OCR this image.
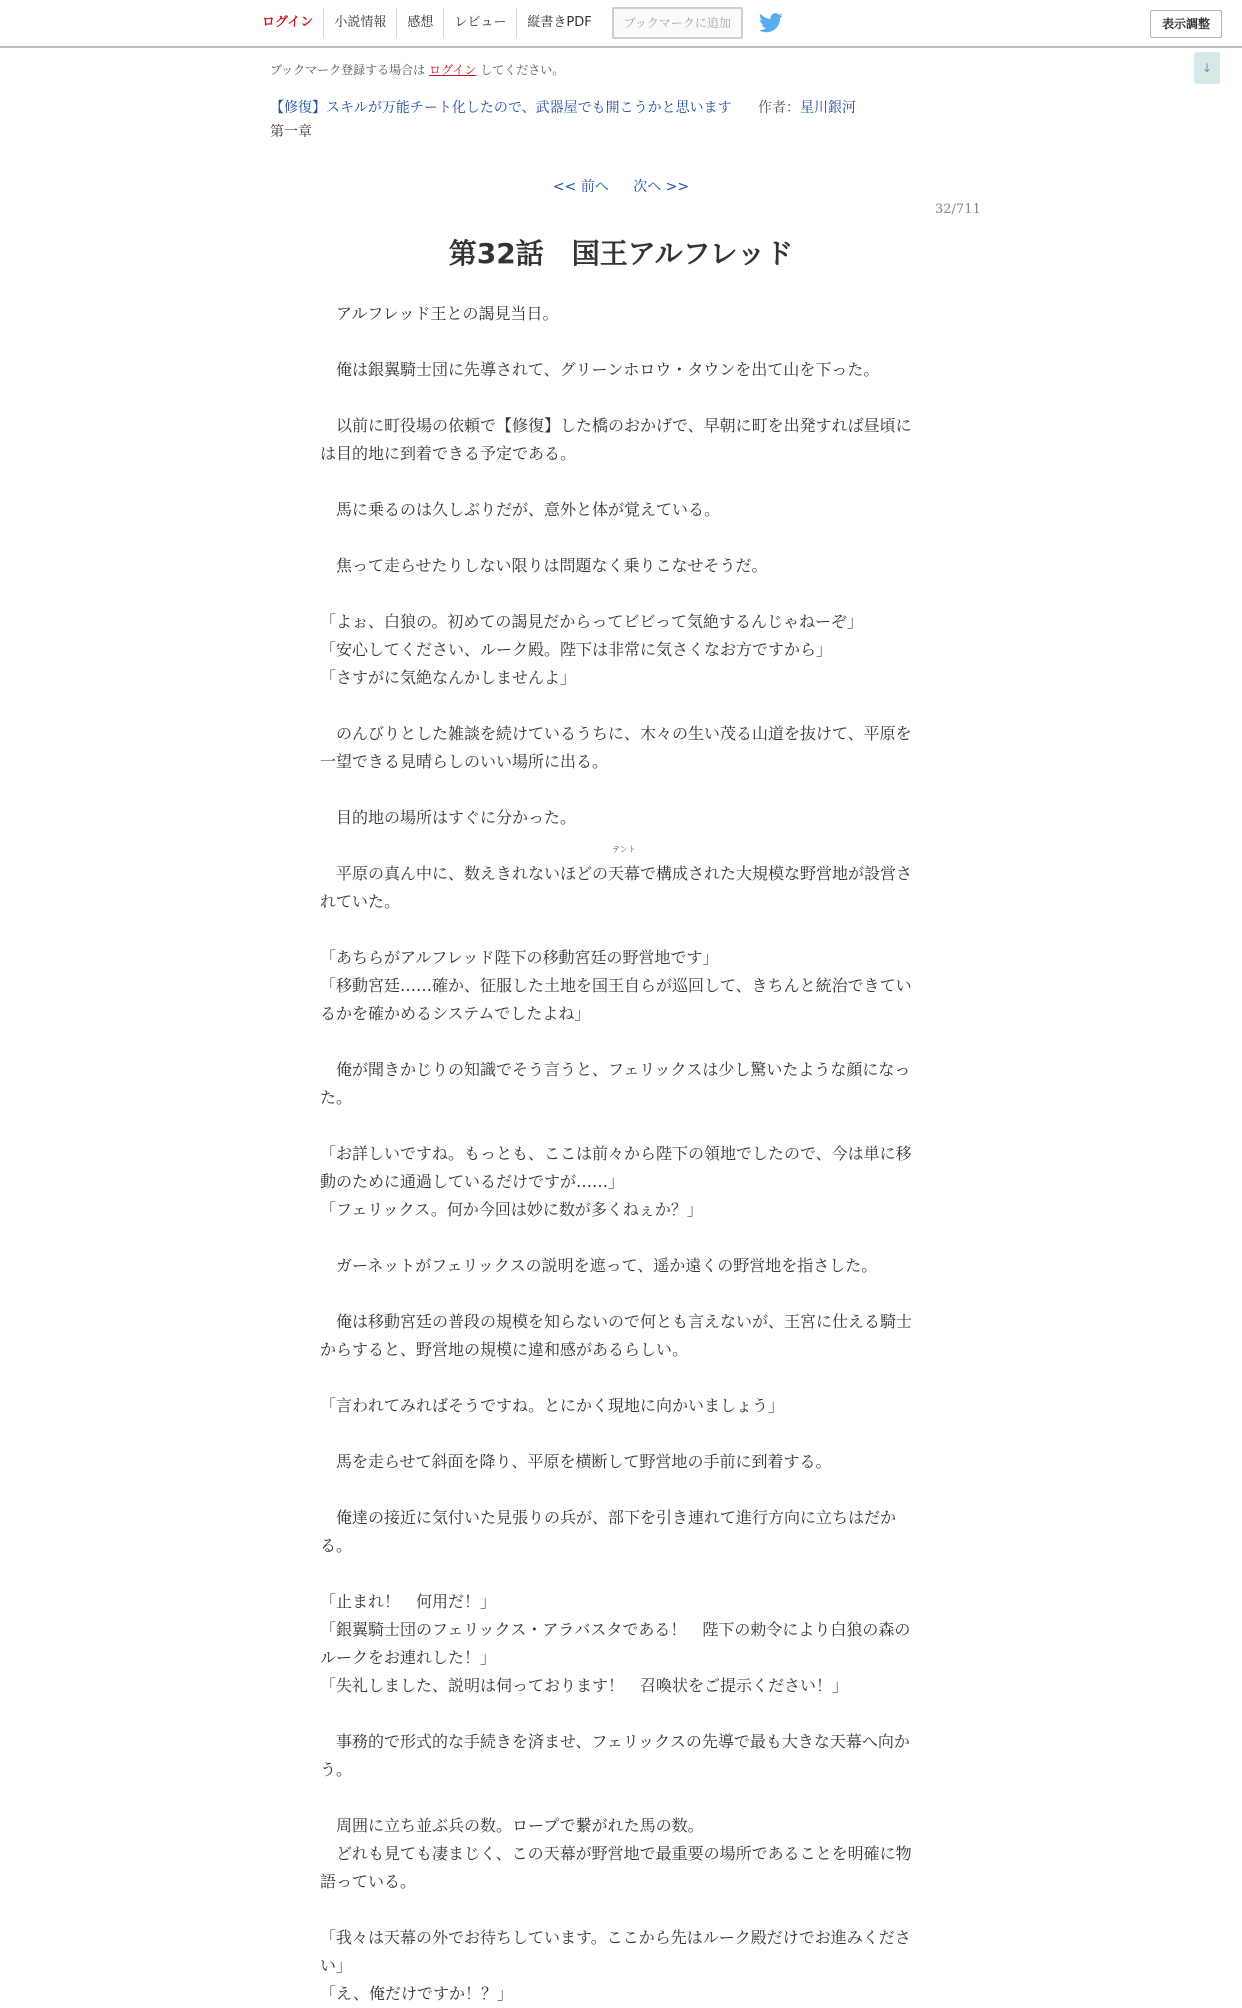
ログイン	小説情報	感想	レビュー	縦書きPDF	ブックマークに追加	表示調整
↓
ブックマーク登録する場合は ログイン してください。
【修復】スキルが万能チート化したので、武器屋でも開こうかと思います 作者：星川銀河
第一章
<< 前へ 次へ >>
32/711
第32話　国王アルフレッド

　アルフレッド王との謁見当日。

　俺は銀翼騎士団に先導されて、グリーンホロウ・タウンを出て山を下った。

　以前に町役場の依頼で【修復】した橋のおかげで、早朝に町を出発すれば昼頃には目的地に到着できる予定である。

　馬に乗るのは久しぶりだが、意外と体が覚えている。

　焦って走らせたりしない限りは問題なく乗りこなせそうだ。

「よぉ、白狼の。初めての謁見だからってビビって気絶するんじゃねーぞ」

「安心してください、ルーク殿。陛下は非常に気さくなお方ですから」

「さすがに気絶なんかしませんよ」

　のんびりとした雑談を続けているうちに、木々の生い茂る山道を抜けて、平原を一望できる見晴らしのいい場所に出る。

　目的地の場所はすぐに分かった。

　平原の真ん中に、数えきれないほどの
テント
天幕で構成された大規模な野営地が設営されていた。

「あちらがアルフレッド陛下の移動宮廷の野営地です」

「移動宮廷……確か、征服した土地を国王自らが巡回して、きちんと統治できているかを確かめるシステムでしたよね」

　俺が聞きかじりの知識でそう言うと、フェリックスは少し驚いたような顔になった。

「お詳しいですね。もっとも、ここは前々から陛下の領地でしたので、今は単に移動のために通過しているだけですが……」

「フェリックス。何か今回は妙に数が多くねぇか？」

　ガーネットがフェリックスの説明を遮って、遥か遠くの野営地を指さした。

　俺は移動宮廷の普段の規模を知らないので何とも言えないが、王宮に仕える騎士からすると、野営地の規模に違和感があるらしい。

「言われてみればそうですね。とにかく現地に向かいましょう」

　馬を走らせて斜面を降り、平原を横断して野営地の手前に到着する。

　俺達の接近に気付いた見張りの兵が、部下を引き連れて進行方向に立ちはだかる。

「止まれ！　何用だ！」

「銀翼騎士団のフェリックス・アラバスタである！　陛下の勅令により白狼の森のルークをお連れした！」

「失礼しました、説明は伺っております！　召喚状をご提示ください！」

　事務的で形式的な手続きを済ませ、フェリックスの先導で最も大きな天幕へ向かう。

　周囲に立ち並ぶ兵の数。ロープで繋がれた馬の数。

　どれも見ても凄まじく、この天幕が野営地で最重要の場所であることを明確に物語っている。

「我々は天幕の外でお待ちしています。ここから先はルーク殿だけでお進みください」

「え、俺だけですか！？」
